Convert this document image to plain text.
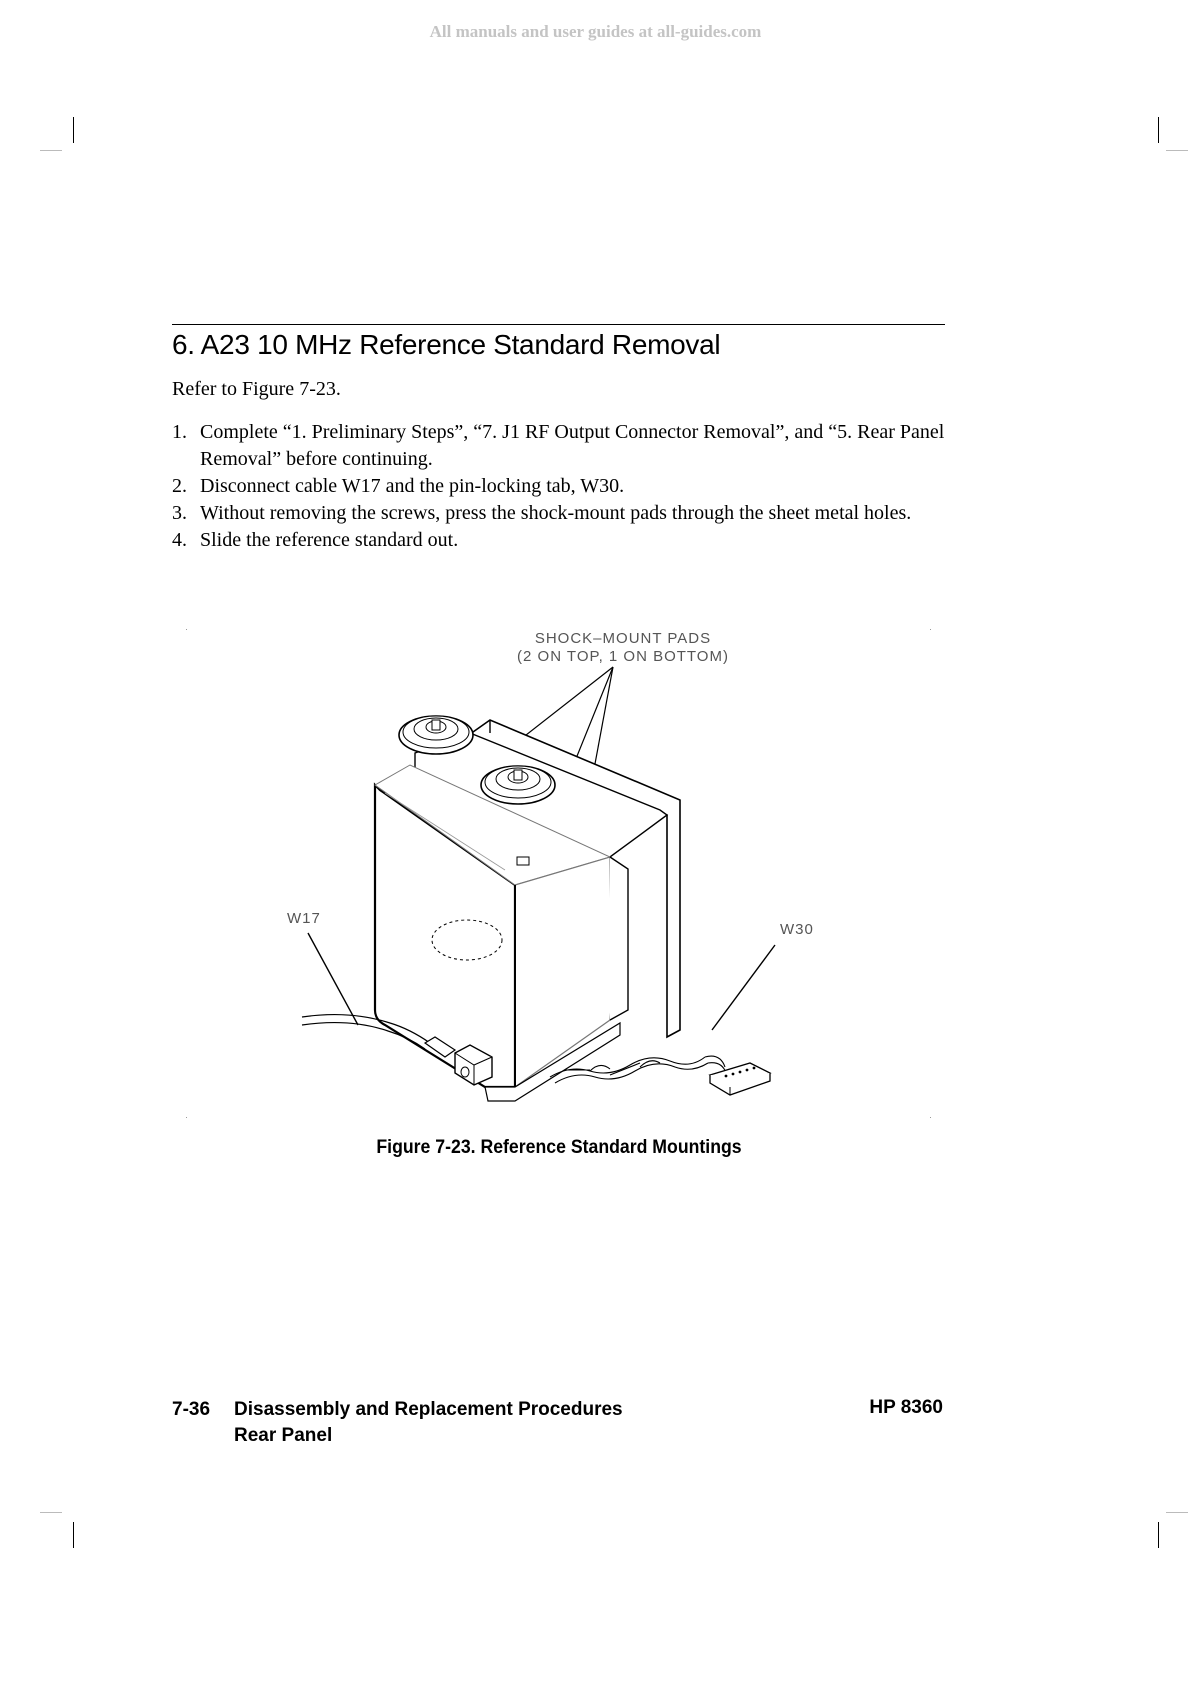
All manuals and user guides at all-guides.com
6. A23 10 MHz Reference Standard Removal

Refer to Figure 7-23.

1. Complete “1. Preliminary Steps”, “7. J1 RF Output Connector Removal”, and “5. Rear Panel Removal” before continuing.
2. Disconnect cable W17 and the pin-locking tab, W30.
3. Without removing the screws, press the shock-mount pads through the sheet metal holes.
4. Slide the reference standard out.
SHOCK–MOUNT PADS
(2 ON TOP, 1 ON BOTTOM)
W17
W30
Figure 7-23. Reference Standard Mountings
7-36 Disassembly and Replacement Procedures
Rear Panel
HP 8360
